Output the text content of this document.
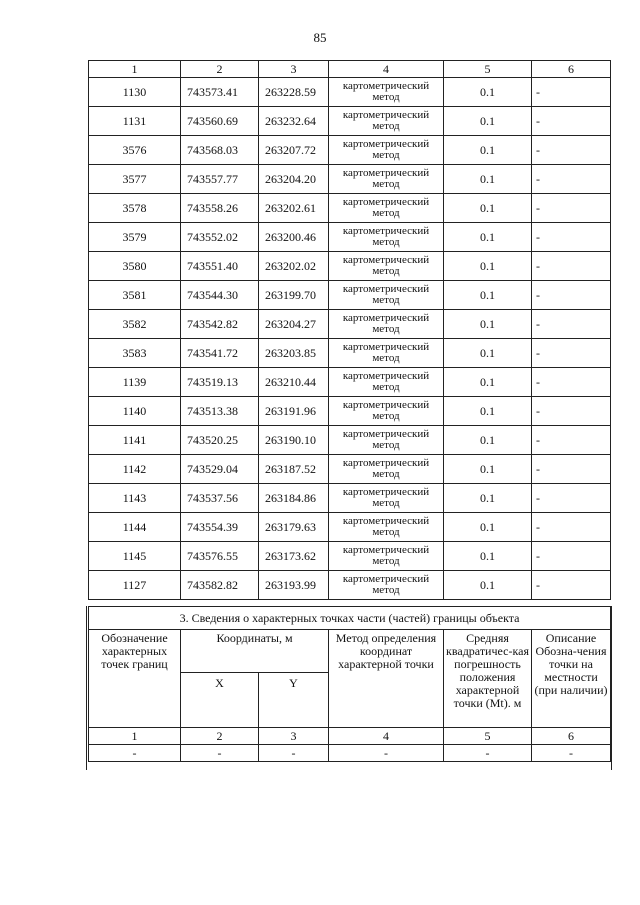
85
1	2	3	4	5	6
1130	743573.41	263228.59	картометрический метод	0.1	-
1131	743560.69	263232.64	картометрический метод	0.1	-
3576	743568.03	263207.72	картометрический метод	0.1	-
3577	743557.77	263204.20	картометрический метод	0.1	-
3578	743558.26	263202.61	картометрический метод	0.1	-
3579	743552.02	263200.46	картометрический метод	0.1	-
3580	743551.40	263202.02	картометрический метод	0.1	-
3581	743544.30	263199.70	картометрический метод	0.1	-
3582	743542.82	263204.27	картометрический метод	0.1	-
3583	743541.72	263203.85	картометрический метод	0.1	-
1139	743519.13	263210.44	картометрический метод	0.1	-
1140	743513.38	263191.96	картометрический метод	0.1	-
1141	743520.25	263190.10	картометрический метод	0.1	-
1142	743529.04	263187.52	картометрический метод	0.1	-
1143	743537.56	263184.86	картометрический метод	0.1	-
1144	743554.39	263179.63	картометрический метод	0.1	-
1145	743576.55	263173.62	картометрический метод	0.1	-
1127	743582.82	263193.99	картометрический метод	0.1	-
3. Сведения о характерных точках части (частей) границы объекта					
Обозначение характерных точек границ	Координаты, м		Метод определения координат характерной точки	Средняя квадратичес-кая погрешность положения характерной точки (Mt). м	Описание Обозна-чения точки на местности (при наличии)
	X	Y			
1	2	3	4	5	6
-	-	-	-	-	-
